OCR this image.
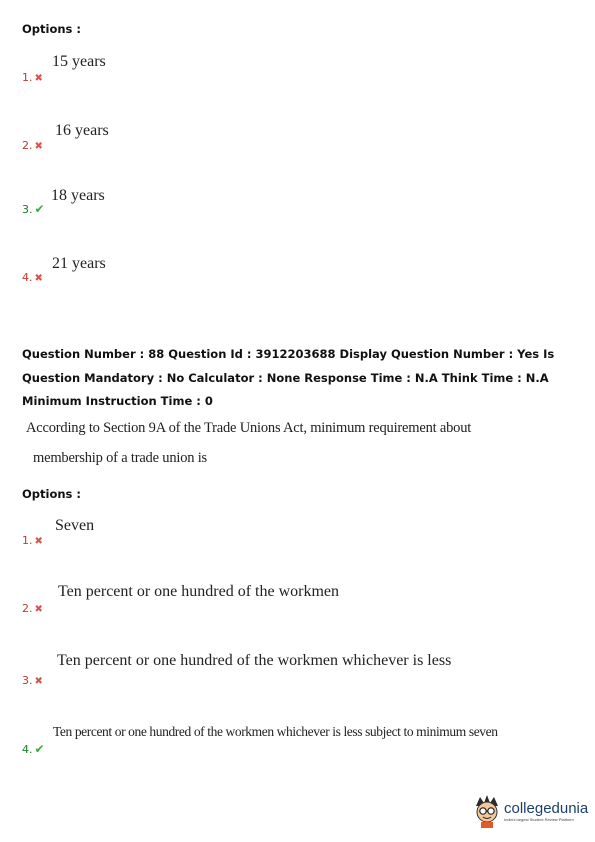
Options :
1. ✖
15 years
2. ✖
16 years
3. ✔
18 years
4. ✖
21 years
Question Number : 88 Question Id : 3912203688 Display Question Number : Yes Is Question Mandatory : No Calculator : None Response Time : N.A Think Time : N.A Minimum Instruction Time : 0
According to Section 9A of the Trade Unions Act, minimum requirement about
membership of a trade union is
Options :
1. ✖
Seven
2. ✖
Ten percent or one hundred of the workmen
3. ✖
Ten percent or one hundred of the workmen whichever is less
4. ✔
Ten percent or one hundred of the workmen whichever is less subject to minimum seven
collegedunia
India's largest Student Review Platform
